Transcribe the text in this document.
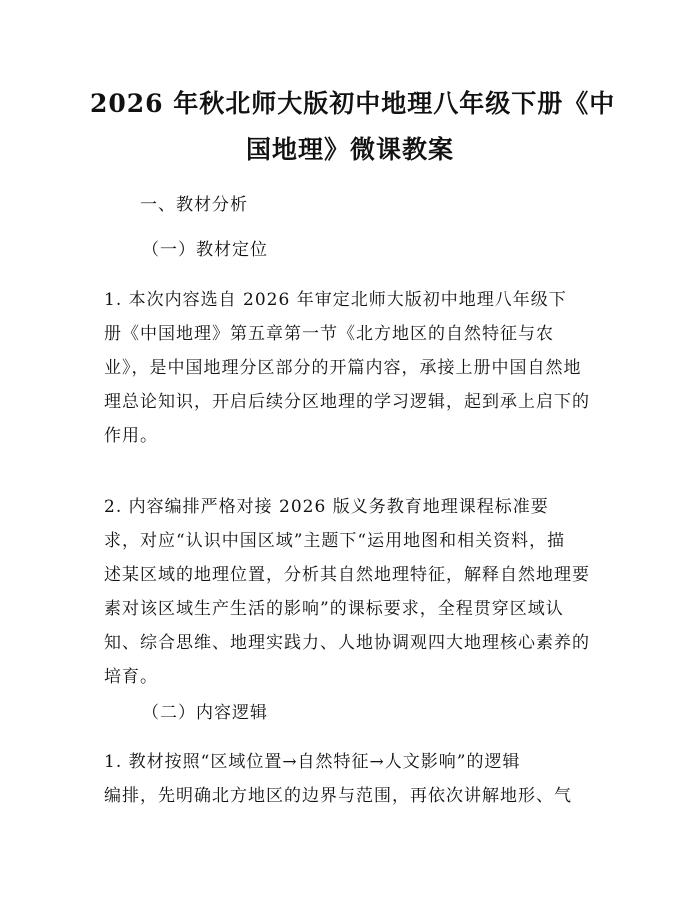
2026 年秋北师大版初中地理八年级下册《中
国地理》微课教案
一、教材分析
（一）教材定位
1. 本次内容选自 2026 年审定北师大版初中地理八年级下
册《中国地理》第五章第一节《北方地区的自然特征与农
业》，是中国地理分区部分的开篇内容，承接上册中国自然地
理总论知识，开启后续分区地理的学习逻辑，起到承上启下的
作用。
2. 内容编排严格对接 2026 版义务教育地理课程标准要
求，对应“认识中国区域”主题下“运用地图和相关资料，描
述某区域的地理位置，分析其自然地理特征，解释自然地理要
素对该区域生产生活的影响”的课标要求，全程贯穿区域认
知、综合思维、地理实践力、人地协调观四大地理核心素养的
培育。
（二）内容逻辑
1. 教材按照“区域位置→自然特征→人文影响”的逻辑
编排，先明确北方地区的边界与范围，再依次讲解地形、气
